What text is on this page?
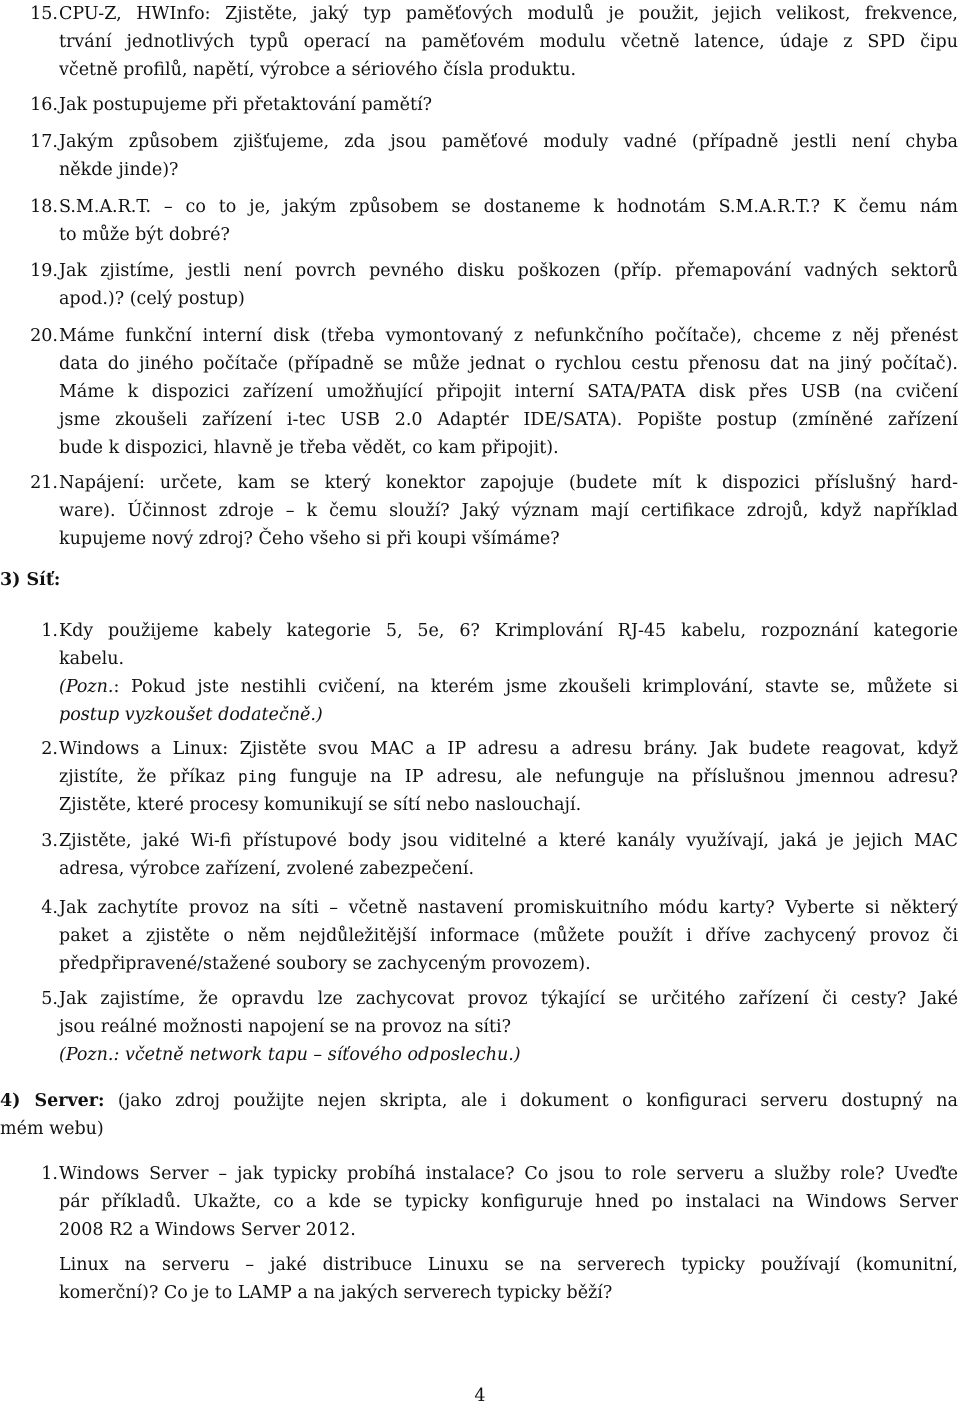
15. CPU-Z, HWInfo: Zjistěte, jaký typ paměťových modulů je použit, jejich velikost, frekvence,
trvání jednotlivých typů operací na paměťovém modulu včetně latence, údaje z SPD čipu
včetně profilů, napětí, výrobce a sériového čísla produktu.
16. Jak postupujeme při přetaktování pamětí?
17. Jakým způsobem zjišťujeme, zda jsou paměťové moduly vadné (případně jestli není chyba
někde jinde)?
18. S.M.A.R.T. – co to je, jakým způsobem se dostaneme k hodnotám S.M.A.R.T.? K čemu nám
to může být dobré?
19. Jak zjistíme, jestli není povrch pevného disku poškozen (příp. přemapování vadných sektorů
apod.)? (celý postup)
20. Máme funkční interní disk (třeba vymontovaný z nefunkčního počítače), chceme z něj přenést
data do jiného počítače (případně se může jednat o rychlou cestu přenosu dat na jiný počítač).
Máme k dispozici zařízení umožňující připojit interní SATA/PATA disk přes USB (na cvičení
jsme zkoušeli zařízení i-tec USB 2.0 Adaptér IDE/SATA). Popište postup (zmíněné zařízení
bude k dispozici, hlavně je třeba vědět, co kam připojit).
21. Napájení: určete, kam se který konektor zapojuje (budete mít k dispozici příslušný hard-
ware). Účinnost zdroje – k čemu slouží? Jaký význam mají certifikace zdrojů, když například
kupujeme nový zdroj? Čeho všeho si při koupi všímáme?
3) Síť:
1. Kdy použijeme kabely kategorie 5, 5e, 6? Krimplování RJ-45 kabelu, rozpoznání kategorie
kabelu.
(Pozn.: Pokud jste nestihli cvičení, na kterém jsme zkoušeli krimplování, stavte se, můžete si
postup vyzkoušet dodatečně.)
2. Windows a Linux: Zjistěte svou MAC a IP adresu a adresu brány. Jak budete reagovat, když
zjistíte, že příkaz ping funguje na IP adresu, ale nefunguje na příslušnou jmennou adresu?
Zjistěte, které procesy komunikují se sítí nebo naslouchají.
3. Zjistěte, jaké Wi-fi přístupové body jsou viditelné a které kanály využívají, jaká je jejich MAC
adresa, výrobce zařízení, zvolené zabezpečení.
4. Jak zachytíte provoz na síti – včetně nastavení promiskuitního módu karty? Vyberte si některý
paket a zjistěte o něm nejdůležitější informace (můžete použít i dříve zachycený provoz či
předpřipravené/stažené soubory se zachyceným provozem).
5. Jak zajistíme, že opravdu lze zachycovat provoz týkající se určitého zařízení či cesty? Jaké
jsou reálné možnosti napojení se na provoz na síti?
(Pozn.: včetně network tapu – síťového odposlechu.)
4) Server: (jako zdroj použijte nejen skripta, ale i dokument o konfiguraci serveru dostupný na
mém webu)
1. Windows Server – jak typicky probíhá instalace? Co jsou to role serveru a služby role? Uveďte
pár příkladů. Ukažte, co a kde se typicky konfiguruje hned po instalaci na Windows Server
2008 R2 a Windows Server 2012.
Linux na serveru – jaké distribuce Linuxu se na serverech typicky používají (komunitní,
komerční)? Co je to LAMP a na jakých serverech typicky běží?
4
